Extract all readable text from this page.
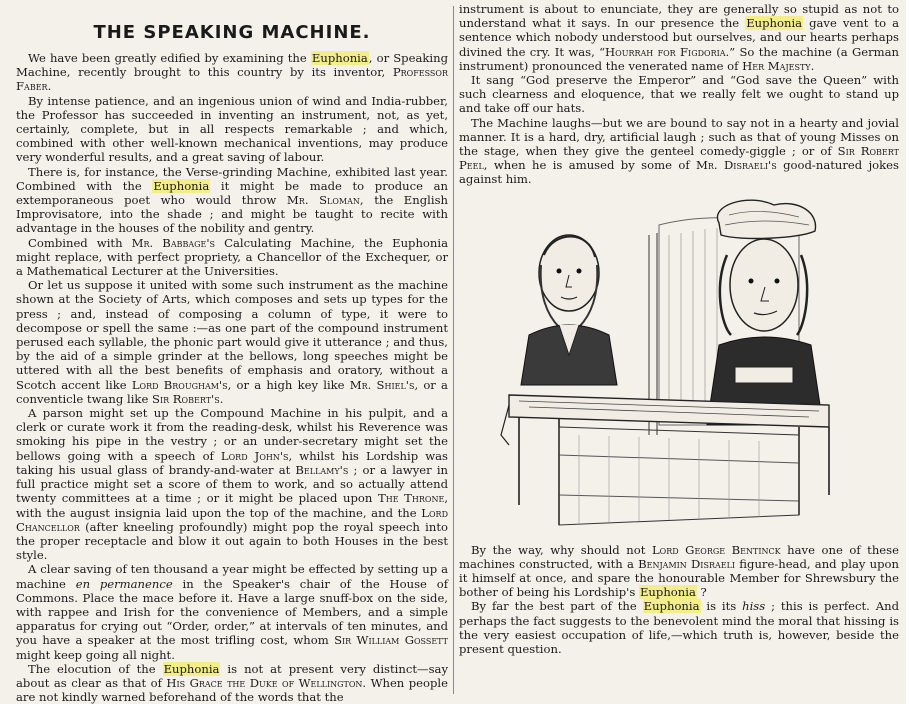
THE SPEAKING MACHINE.

We have been greatly edified by examining the Euphonia, or Speaking Machine, recently brought to this country by its inventor, Professor Faber.

By intense patience, and an ingenious union of wind and India-rubber, the Professor has succeeded in inventing an instrument, not, as yet, certainly, complete, but in all respects remarkable ; and which, combined with other well-known mechanical inventions, may produce very wonderful results, and a great saving of labour.

There is, for instance, the Verse-grinding Machine, exhibited last year. Combined with the Euphonia it might be made to produce an extemporaneous poet who would throw Mr. Sloman, the English Improvisatore, into the shade ; and might be taught to recite with advantage in the houses of the nobility and gentry.

Combined with Mr. Babbage's Calculating Machine, the Euphonia might replace, with perfect propriety, a Chancellor of the Exchequer, or a Mathematical Lecturer at the Universities.

Or let us suppose it united with some such instrument as the machine shown at the Society of Arts, which composes and sets up types for the press ; and, instead of composing a column of type, it were to decompose or spell the same :—as one part of the compound instrument perused each syllable, the phonic part would give it utterance ; and thus, by the aid of a simple grinder at the bellows, long speeches might be uttered with all the best benefits of emphasis and oratory, without a Scotch accent like Lord Brougham's, or a high key like Mr. Shiel's, or a conventicle twang like Sir Robert's.

A parson might set up the Compound Machine in his pulpit, and a clerk or curate work it from the reading-desk, whilst his Reverence was smoking his pipe in the vestry ; or an under-secretary might set the bellows going with a speech of Lord John's, whilst his Lordship was taking his usual glass of brandy-and-water at Bellamy's ; or a lawyer in full practice might set a score of them to work, and so actually attend twenty committees at a time ; or it might be placed upon The Throne, with the august insignia laid upon the top of the machine, and the Lord Chancellor (after kneeling profoundly) might pop the royal speech into the proper receptacle and blow it out again to both Houses in the best style.

A clear saving of ten thousand a year might be effected by setting up a machine en permanence in the Speaker's chair of the House of Commons. Place the mace before it. Have a large snuff-box on the side, with rappee and Irish for the convenience of Members, and a simple apparatus for crying out “Order, order,” at intervals of ten minutes, and you have a speaker at the most trifling cost, whom Sir William Gossett might keep going all night.

The elocution of the Euphonia is not at present very distinct—say about as clear as that of His Grace the Duke of Wellington. When people are not kindly warned beforehand of the words that the

instrument is about to enunciate, they are generally so stupid as not to understand what it says. In our presence the Euphonia gave vent to a sentence which nobody understood but ourselves, and our hearts perhaps divined the cry. It was, “Hourrah for Figdoria.” So the machine (a German instrument) pronounced the venerated name of Her Majesty.

It sang “God preserve the Emperor” and “God save the Queen” with such clearness and eloquence, that we really felt we ought to stand up and take off our hats.

The Machine laughs—but we are bound to say not in a hearty and jovial manner. It is a hard, dry, artificial laugh ; such as that of young Misses on the stage, when they give the genteel comedy-giggle ; or of Sir Robert Peel, when he is amused by some of Mr. Disraeli's good-natured jokes against him.

By the way, why should not Lord George Bentinck have one of these machines constructed, with a Benjamin Disraeli figure-head, and play upon it himself at once, and spare the honourable Member for Shrewsbury the bother of being his Lordship's Euphonia ?

By far the best part of the Euphonia is its hiss ; this is perfect. And perhaps the fact suggests to the benevolent mind the moral that hissing is the very easiest occupation of life,—which truth is, however, beside the present question.
